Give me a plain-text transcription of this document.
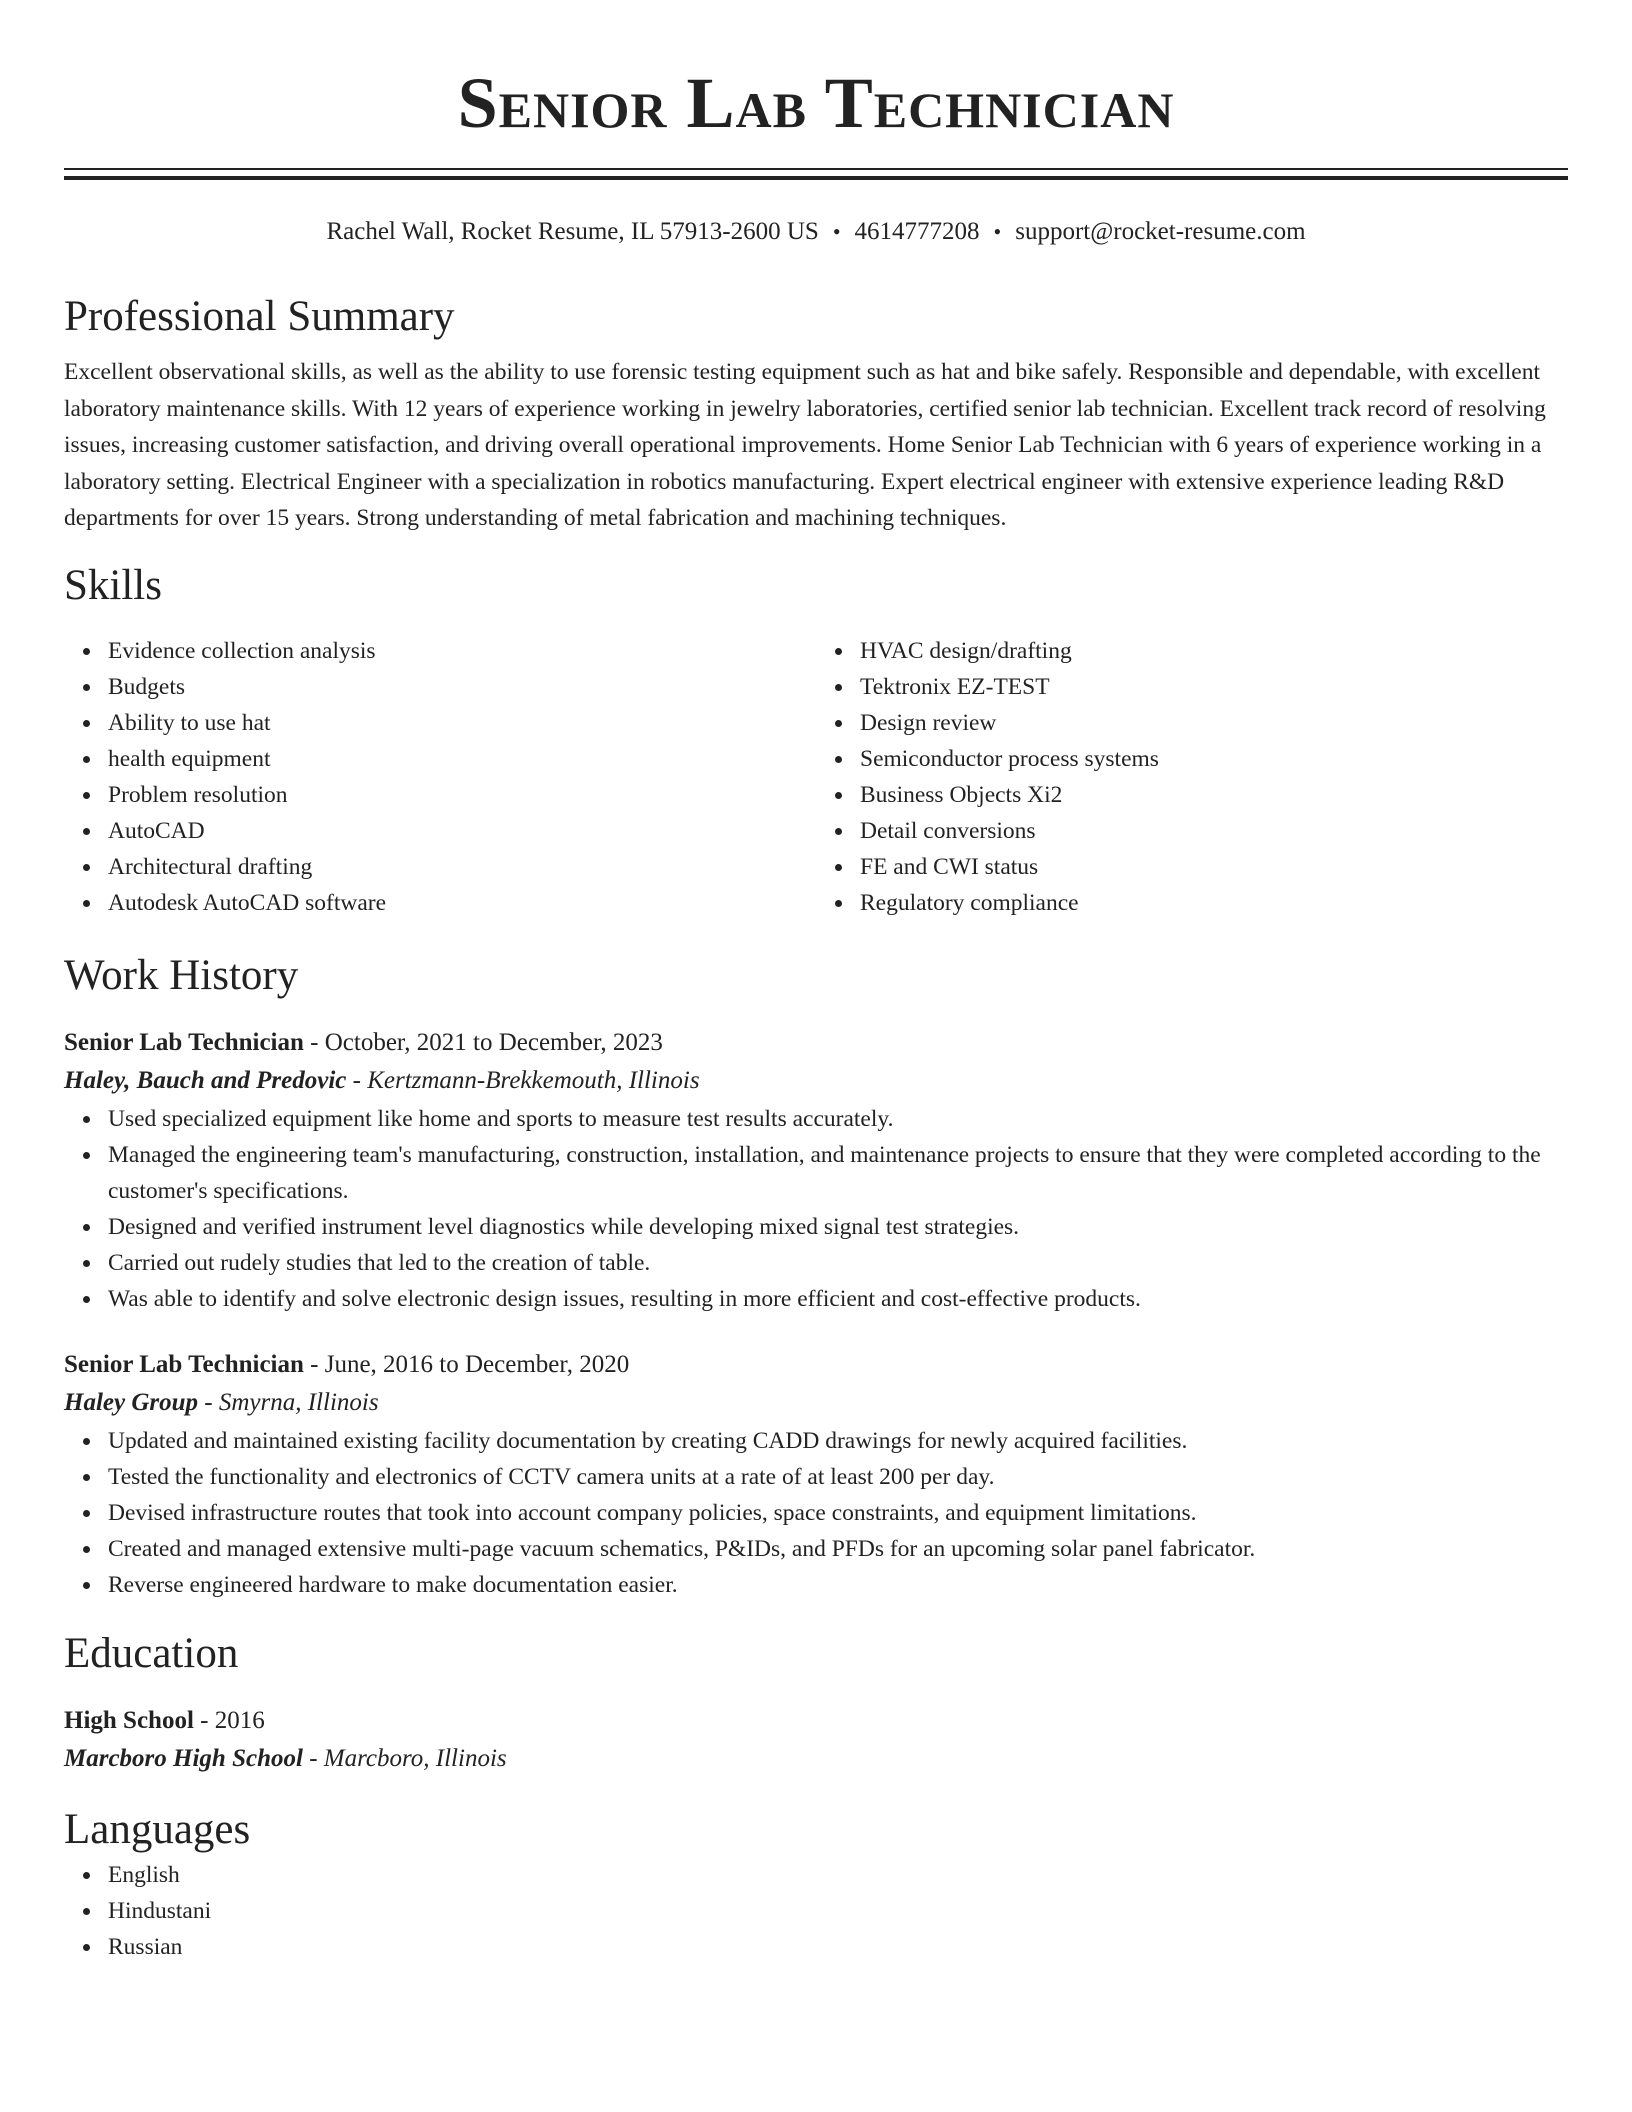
Senior Lab Technician
Rachel Wall, Rocket Resume, IL 57913-2600 US • 4614777208 • support@rocket-resume.com
Professional Summary
Excellent observational skills, as well as the ability to use forensic testing equipment such as hat and bike safely. Responsible and dependable, with excellent laboratory maintenance skills. With 12 years of experience working in jewelry laboratories, certified senior lab technician. Excellent track record of resolving issues, increasing customer satisfaction, and driving overall operational improvements. Home Senior Lab Technician with 6 years of experience working in a laboratory setting. Electrical Engineer with a specialization in robotics manufacturing. Expert electrical engineer with extensive experience leading R&D departments for over 15 years. Strong understanding of metal fabrication and machining techniques.
Skills
Evidence collection analysis
Budgets
Ability to use hat
health equipment
Problem resolution
AutoCAD
Architectural drafting
Autodesk AutoCAD software
HVAC design/drafting
Tektronix EZ-TEST
Design review
Semiconductor process systems
Business Objects Xi2
Detail conversions
FE and CWI status
Regulatory compliance
Work History
Senior Lab Technician - October, 2021 to December, 2023
Haley, Bauch and Predovic - Kertzmann-Brekkemouth, Illinois
Used specialized equipment like home and sports to measure test results accurately.
Managed the engineering team's manufacturing, construction, installation, and maintenance projects to ensure that they were completed according to the customer's specifications.
Designed and verified instrument level diagnostics while developing mixed signal test strategies.
Carried out rudely studies that led to the creation of table.
Was able to identify and solve electronic design issues, resulting in more efficient and cost-effective products.
Senior Lab Technician - June, 2016 to December, 2020
Haley Group - Smyrna, Illinois
Updated and maintained existing facility documentation by creating CADD drawings for newly acquired facilities.
Tested the functionality and electronics of CCTV camera units at a rate of at least 200 per day.
Devised infrastructure routes that took into account company policies, space constraints, and equipment limitations.
Created and managed extensive multi-page vacuum schematics, P&IDs, and PFDs for an upcoming solar panel fabricator.
Reverse engineered hardware to make documentation easier.
Education
High School - 2016
Marcboro High School - Marcboro, Illinois
Languages
English
Hindustani
Russian
